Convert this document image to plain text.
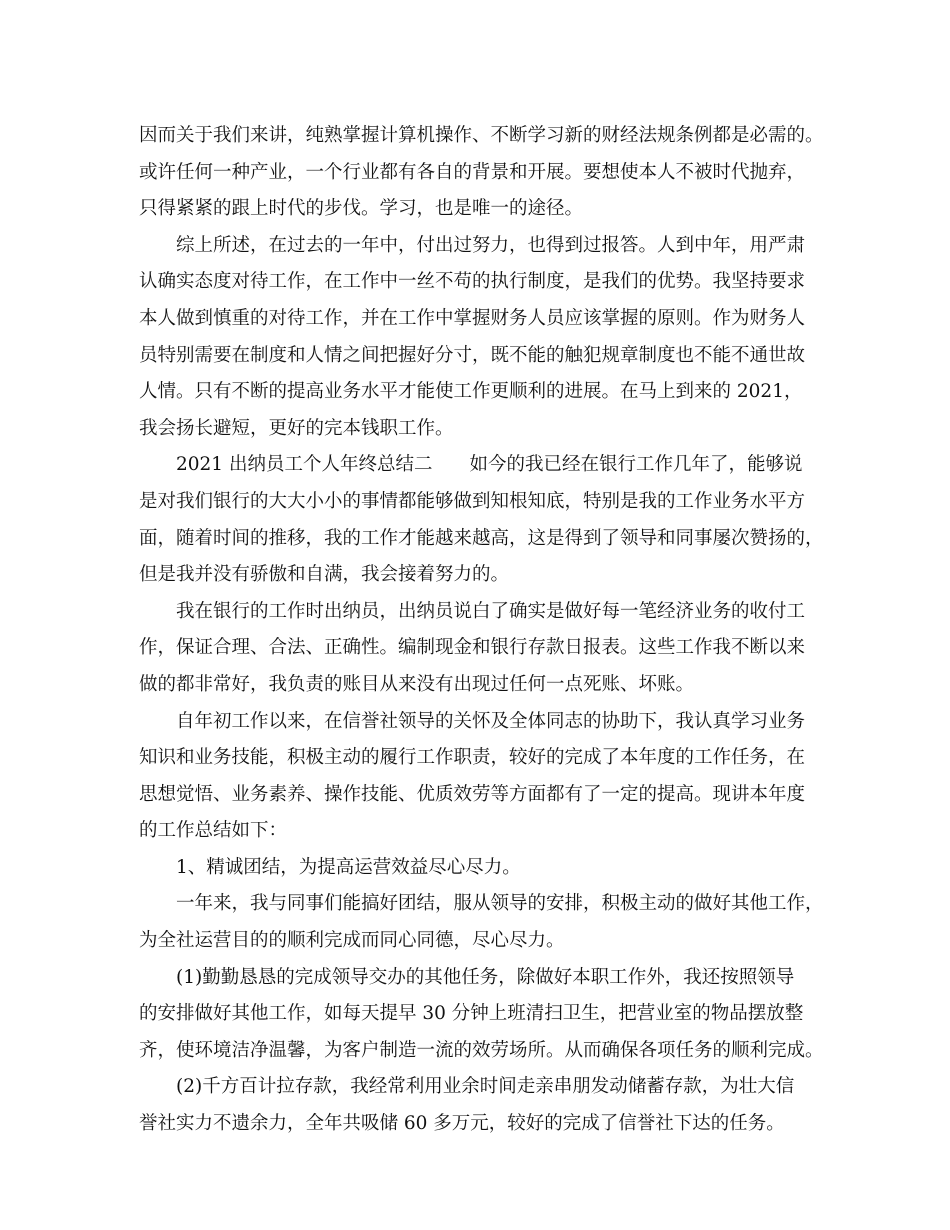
因而关于我们来讲，纯熟掌握计算机操作、不断学习新的财经法规条例都是必需的。
或许任何一种产业，一个行业都有各自的背景和开展。要想使本人不被时代抛弃，
只得紧紧的跟上时代的步伐。学习，也是唯一的途径。
综上所述，在过去的一年中，付出过努力，也得到过报答。人到中年，用严肃
认确实态度对待工作，在工作中一丝不苟的执行制度，是我们的优势。我坚持要求
本人做到慎重的对待工作，并在工作中掌握财务人员应该掌握的原则。作为财务人
员特别需要在制度和人情之间把握好分寸，既不能的触犯规章制度也不能不通世故
人情。只有不断的提高业务水平才能使工作更顺利的进展。在马上到来的 2021，
我会扬长避短，更好的完本钱职工作。
2021 出纳员工个人年终总结二　　如今的我已经在银行工作几年了，能够说
是对我们银行的大大小小的事情都能够做到知根知底，特别是我的工作业务水平方
面，随着时间的推移，我的工作才能越来越高，这是得到了领导和同事屡次赞扬的，
但是我并没有骄傲和自满，我会接着努力的。
我在银行的工作时出纳员，出纳员说白了确实是做好每一笔经济业务的收付工
作，保证合理、合法、正确性。编制现金和银行存款日报表。这些工作我不断以来
做的都非常好，我负责的账目从来没有出现过任何一点死账、坏账。
自年初工作以来，在信誉社领导的关怀及全体同志的协助下，我认真学习业务
知识和业务技能，积极主动的履行工作职责，较好的完成了本年度的工作任务，在
思想觉悟、业务素养、操作技能、优质效劳等方面都有了一定的提高。现讲本年度
的工作总结如下：
1、精诚团结，为提高运营效益尽心尽力。
一年来，我与同事们能搞好团结，服从领导的安排，积极主动的做好其他工作，
为全社运营目的的顺利完成而同心同德，尽心尽力。
(1)勤勤恳恳的完成领导交办的其他任务，除做好本职工作外，我还按照领导
的安排做好其他工作，如每天提早 30 分钟上班清扫卫生，把营业室的物品摆放整
齐，使环境洁净温馨，为客户制造一流的效劳场所。从而确保各项任务的顺利完成。
(2)千方百计拉存款，我经常利用业余时间走亲串朋发动储蓄存款，为壮大信
誉社实力不遗余力，全年共吸储 60 多万元，较好的完成了信誉社下达的任务。
